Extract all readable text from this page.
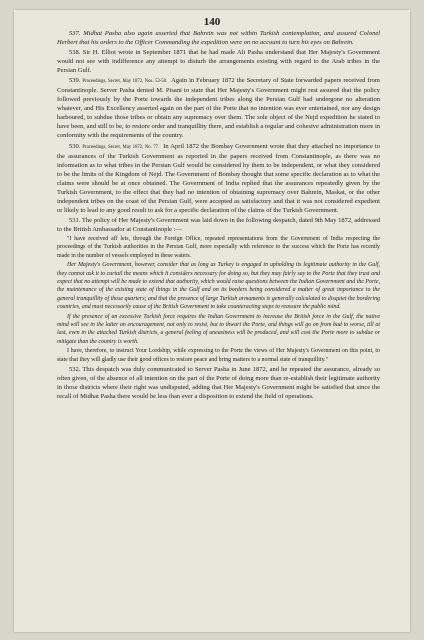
140

537. Midhat Pasha also again asserted that Bahrein was not within Turkish contemplation, and assured Colonel Herbert that his orders to the Officer Commanding the expedition were on no account to turn his eyes on Bahrein.

538. Sir H. Elliot wrote in September 1871 that he had made Ali Pasha understand that Her Majesty's Government would not see with indifference any attempt to disturb the arrangements existing with regard to the Arab tribes in the Persian Gulf.

539. Proceedings, Secret, May 1872, Nos. 53-58. Again in February 1872 the Secretary of State forwarded papers received from Constantinople. Server Pasha denied M. Pisani to state that Her Majesty's Government might rest assured that the policy followed previously by the Porte towards the independent tribes along the Persian Gulf had undergone no alteration whatever, and His Excellency asserted again on the part of the Porte that no intention was ever entertained, nor any design harboured, to subdue those tribes or obtain any supremacy over them. The sole object of the Nejd expedition he stated to have been, and still to be, to restore order and tranquillity there, and establish a regular and cohesive administration more in conformity with the requirements of the country.

530. Proceedings, Secret, May 1872, No. 77. In April 1872 the Bombay Government wrote that they attached no importance to the assurances of the Turkish Government as reported in the papers received from Constantinople, as there was no information as to what tribes in the Persian Gulf would be considered by them to be independent, or what they considered to be the limits of the Kingdom of Nejd. The Government of Bombay thought that some specific declaration as to what the claims were should be at once obtained. The Government of India replied that the assurances repeatedly given by the Turkish Government, to the effect that they had no intention of obtaining supremacy over Bahrein, Maskat, or the other independent tribes on the coast of the Persian Gulf, were accepted as satisfactory and that it was not considered expedient or likely to lead to any good result to ask for a specific declaration of the claims of the Turkish Government.

531. The policy of Her Majesty's Government was laid down in the following despatch, dated 9th May 1872, addressed to the British Ambassador at Constantinople :—

"I have received aff lets, through the Foreign Office, repeated representations from the Government of India respecting the proceedings of the Turkish authorities in the Persian Gulf, more especially with reference to the success which the Porte has recently made in the number of vessels employed in these waters.

Her Majesty's Government, however, consider that as long as Turkey is engaged in upholding its legitimate authority in the Gulf, they cannot ask it to curtail the means which it considers necessary for doing so, but they may fairly say to the Porte that they trust and expect that no attempt will be made to extend that authority, which would raise questions between the Indian Government and the Porte, the maintenance of the existing state of things in the Gulf and on its borders being considered a matter of great importance to the general tranquillity of those quarters; and that the presence of large Turkish armaments is generally calculated to disquiet the bordering countries, and must necessarily cause of the British Government to take counteracting steps to reassure the public mind.

If the presence of an excessive Turkish force requires the Indian Government to increase the British force in the Gulf, the native mind will see in the latter an encouragement, not only to resist, but to thwart the Porte, and things will go on from bad to worse, till at last, even in the attached Turkish districts, a general feeling of uneasiness will be produced, and will cost the Porte more to subdue or mitigate than the country is worth.

I have, therefore, to instruct Your Lordship, while expressing to the Porte the views of Her Majesty's Government on this point, to state that they will gladly use their good offices to restore peace and bring matters to a normal state of tranquillity."

532. This despatch was duly communicated to Server Pasha in June 1872, and he repeated the assurance, already so often given, of the absence of all intention on the part of the Porte of doing more than re-establish their legitimate authority in those districts where their right was undisputed, adding that Her Majesty's Government might be satisfied that since the recall of Midhat Pasha there would be less than ever a disposition to extend the field of operations.
